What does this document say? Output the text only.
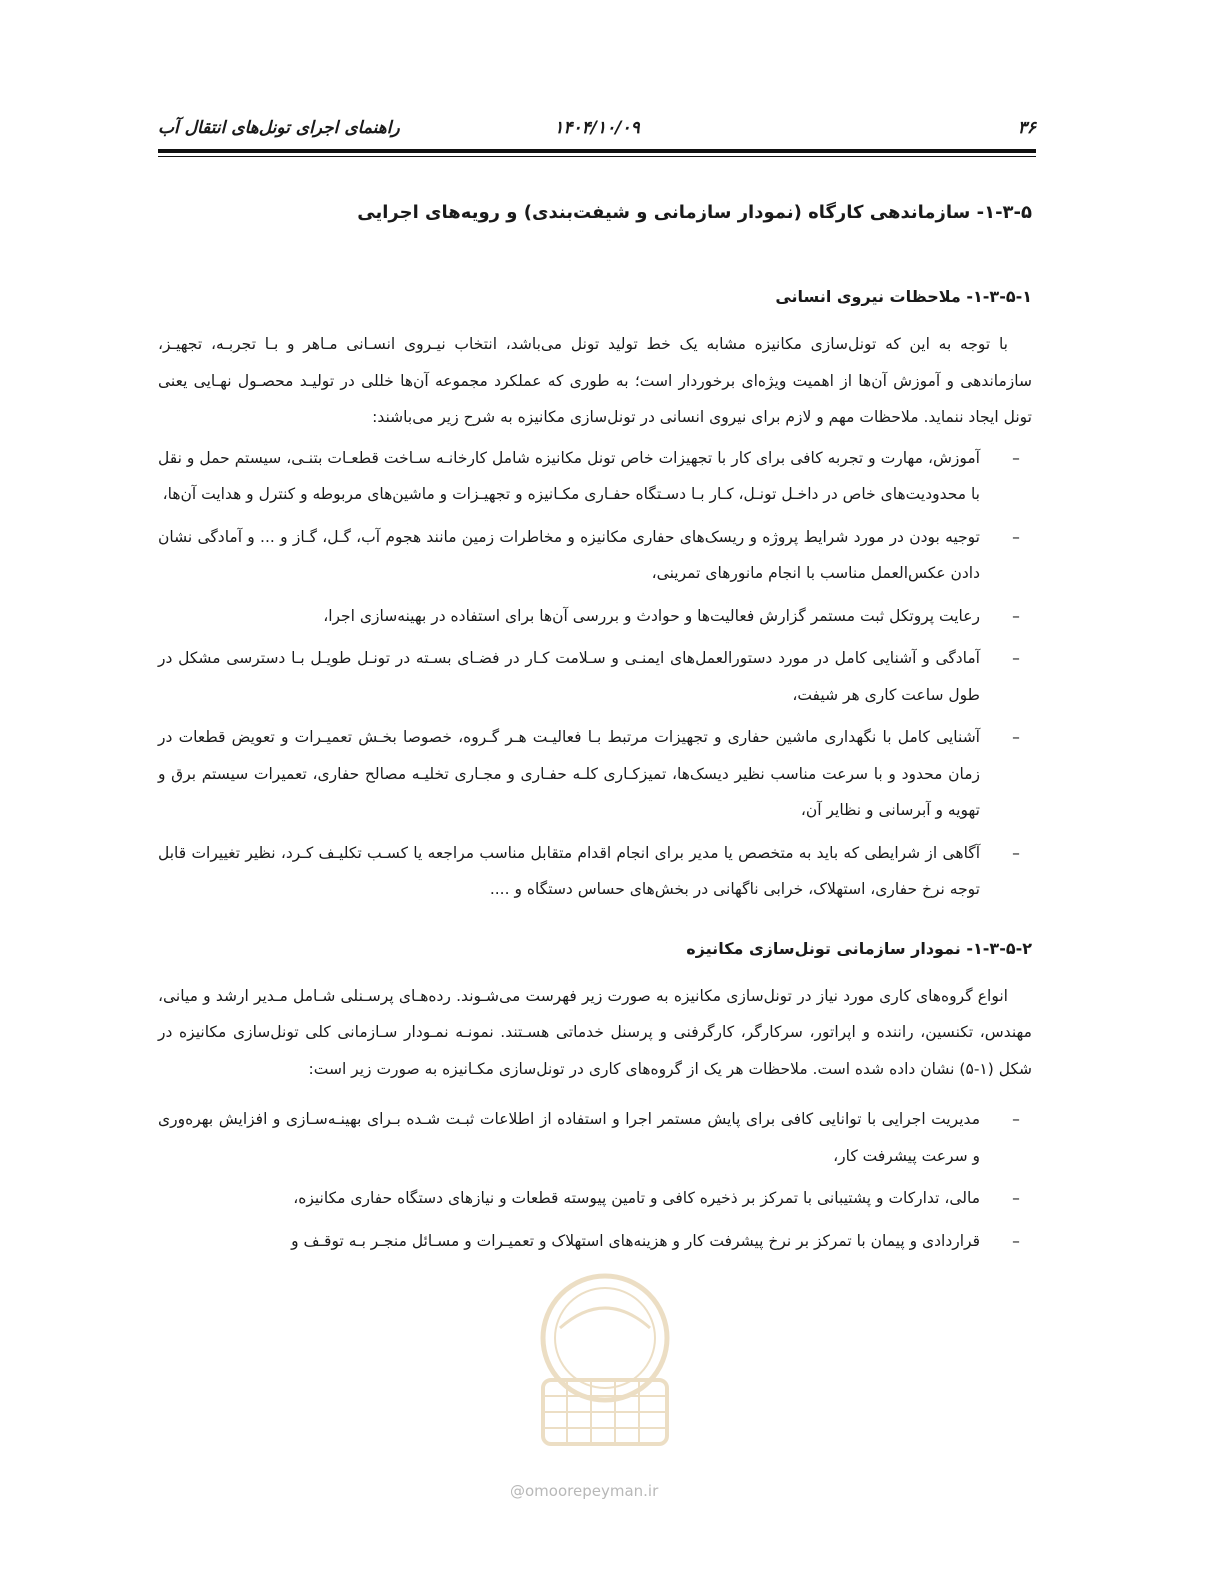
۳۶
۱۴۰۴/۱۰/۰۹
راهنمای اجرای تونل‌های انتقال آب
۱-۳-۵- سازماندهی کارگاه (نمودار سازمانی و شیفت‌بندی) و رویه‌های اجرایی
۱-۳-۵-۱- ملاحظات نیروی انسانی

با توجه به این که تونل‌سازی مکانیزه مشابه یک خط تولید تونل می‌باشد، انتخاب نیـروی انسـانی مـاهر و بـا تجربـه، تجهیـز، سازماندهی و آموزش آن‌ها از اهمیت ویژه‌ای برخوردار است؛ به طوری که عملکرد مجموعه آن‌ها خللی در تولیـد محصـول نهـایی یعنی تونل ایجاد ننماید. ملاحظات مهم و لازم برای نیروی انسانی در تونل‌سازی مکانیزه به شرح زیر می‌باشند:

–
آموزش، مهارت و تجربه کافی برای کار با تجهیزات خاص تونل مکانیزه شامل کارخانـه سـاخت قطعـات بتنـی، سیستم حمل و نقل با محدودیت‌های خاص در داخـل تونـل، کـار بـا دسـتگاه حفـاری مکـانیزه و تجهیـزات و ماشین‌های مربوطه و کنترل و هدایت آن‌ها،
–
توجیه بودن در مورد شرایط پروژه و ریسک‌های حفاری مکانیزه و مخاطرات زمین مانند هجوم آب، گـل، گـاز و ... و آمادگی نشان دادن عکس‌العمل مناسب با انجام مانورهای تمرینی،
–
رعایت پروتکل ثبت مستمر گزارش فعالیت‌ها و حوادث و بررسی آن‌ها برای استفاده در بهینه‌سازی اجرا،
–
آمادگی و آشنایی کامل در مورد دستورالعمل‌های ایمنـی و سـلامت کـار در فضـای بسـته در تونـل طویـل بـا دسترسی مشکل در طول ساعت کاری هر شیفت،
–
آشنایی کامل با نگهداری ماشین حفاری و تجهیزات مرتبط بـا فعالیـت هـر گـروه، خصوصا بخـش تعمیـرات و تعویض قطعات در زمان محدود و با سرعت مناسب نظیر دیسک‌ها، تمیزکـاری کلـه حفـاری و مجـاری تخلیـه مصالح حفاری، تعمیرات سیستم برق و تهویه و آبرسانی و نظایر آن،
–
آگاهی از شرایطی که باید به متخصص یا مدیر برای انجام اقدام متقابل مناسب مراجعه یا کسـب تکلیـف کـرد، نظیر تغییرات قابل توجه نرخ حفاری، استهلاک، خرابی ناگهانی در بخش‌های حساس دستگاه و ....
۱-۳-۵-۲- نمودار سازمانی تونل‌سازی مکانیزه

انواع گروه‌های کاری مورد نیاز در تونل‌سازی مکانیزه به صورت زیر فهرست می‌شـوند. رده‌هـای پرسـنلی شـامل مـدیر ارشد و میانی، مهندس، تکنسین، راننده و اپراتور، سرکارگر، کارگرفنی و پرسنل خدماتی هسـتند. نمونـه نمـودار سـازمانی کلی تونل‌سازی مکانیزه در شکل (۱-۵) نشان داده شده است. ملاحظات هر یک از گروه‌های کاری در تونل‌سازی مکـانیزه به صورت زیر است:

–
مدیریت اجرایی با توانایی کافی برای پایش مستمر اجرا و استفاده از اطلاعات ثبـت شـده بـرای بهینـه‌سـازی و افزایش بهره‌وری و سرعت پیشرفت کار،
–
مالی، تدارکات و پشتیبانی با تمرکز بر ذخیره کافی و تامین پیوسته قطعات و نیازهای دستگاه حفاری مکانیزه،
–
قراردادی و پیمان با تمرکز بر نرخ پیشرفت کار و هزینه‌های استهلاک و تعمیـرات و مسـائل منجـر بـه توقـف و
@omoorepeyman.ir
